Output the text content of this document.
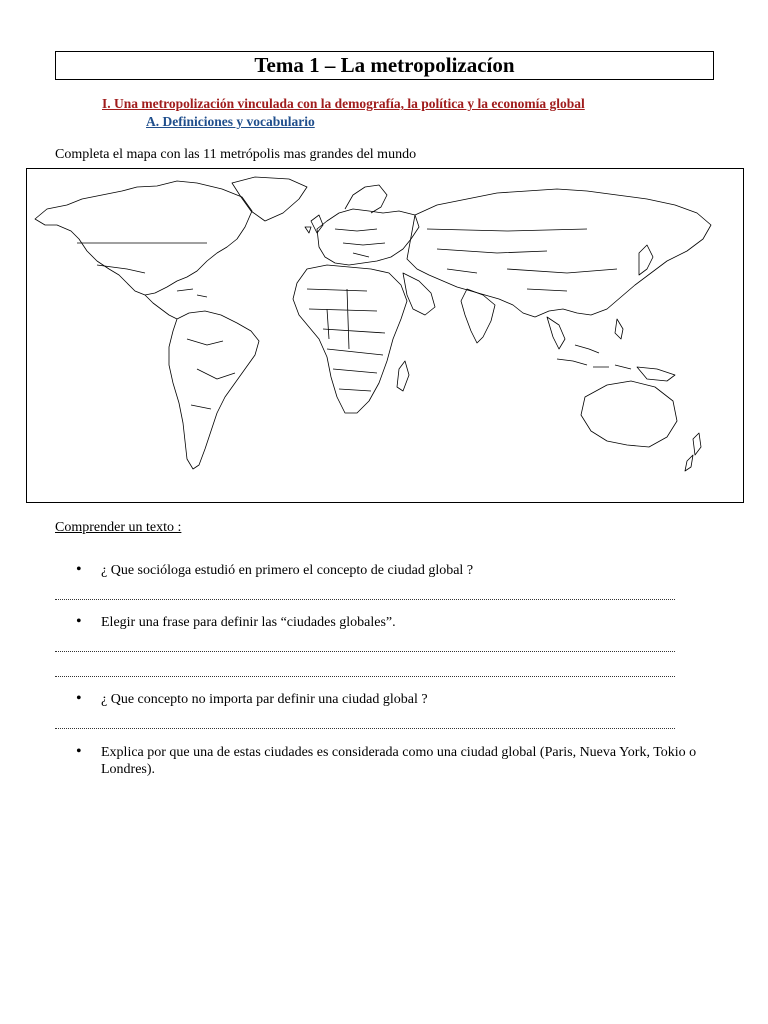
Tema 1 – La metropolizacíon
I. Una metropolización vinculada con la demografía, la política y la economía global
A. Definiciones y vocabulario
Completa el mapa con las 11 metrópolis mas grandes del mundo
Comprender un texto :
• ¿ Que socióloga estudió en primero el concepto de ciudad global ?
• Elegir una frase para definir las “ciudades globales”.
• ¿ Que concepto no importa par definir una ciudad global ?
• Explica por que una de estas ciudades es considerada como una ciudad global (Paris, Nueva York, Tokio o Londres).
